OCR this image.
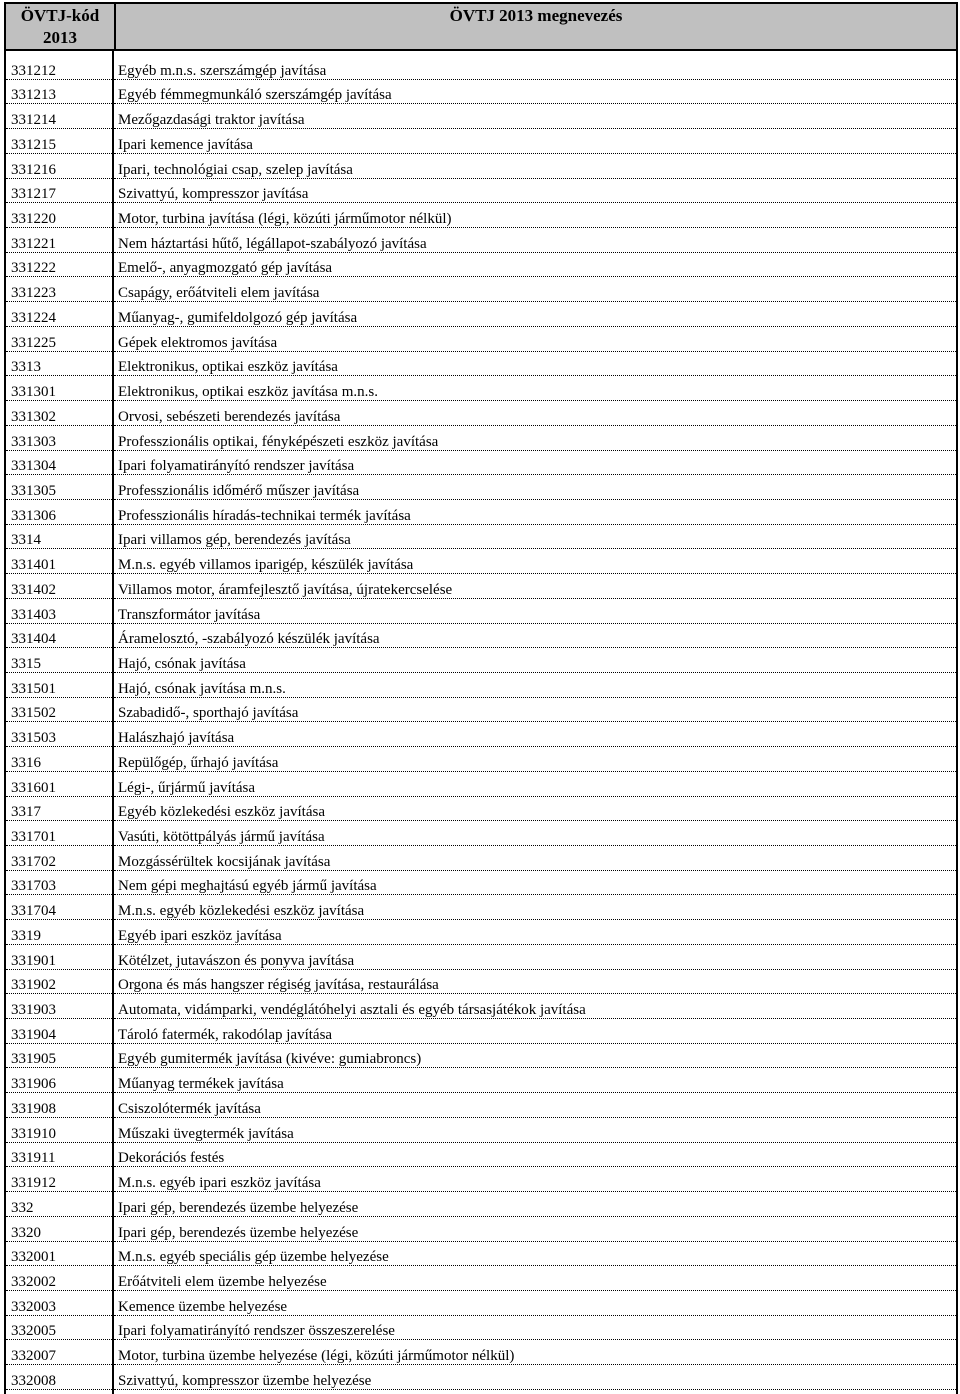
ÖVTJ-kód
2013
ÖVTJ 2013 megnevezés
331212	Egyéb m.n.s. szerszámgép javítása
331213	Egyéb fémmegmunkáló szerszámgép javítása
331214	Mezőgazdasági traktor javítása
331215	Ipari kemence javítása
331216	Ipari, technológiai csap, szelep javítása
331217	Szivattyú, kompresszor javítása
331220	Motor, turbina javítása (légi, közúti járműmotor nélkül)
331221	Nem háztartási hűtő, légállapot-szabályozó javítása
331222	Emelő-, anyagmozgató gép javítása
331223	Csapágy, erőátviteli elem javítása
331224	Műanyag-, gumifeldolgozó gép javítása
331225	Gépek elektromos javítása
3313	Elektronikus, optikai eszköz javítása
331301	Elektronikus, optikai eszköz javítása m.n.s.
331302	Orvosi, sebészeti berendezés javítása
331303	Professzionális optikai, fényképészeti eszköz javítása
331304	Ipari folyamatirányító rendszer javítása
331305	Professzionális időmérő műszer javítása
331306	Professzionális híradás-technikai termék javítása
3314	Ipari villamos gép, berendezés javítása
331401	M.n.s. egyéb villamos iparigép, készülék javítása
331402	Villamos motor, áramfejlesztő javítása, újratekercselése
331403	Transzformátor javítása
331404	Áramelosztó, -szabályozó készülék javítása
3315	Hajó, csónak javítása
331501	Hajó, csónak javítása m.n.s.
331502	Szabadidő-, sporthajó javítása
331503	Halászhajó javítása
3316	Repülőgép, űrhajó javítása
331601	Légi-, űrjármű javítása
3317	Egyéb közlekedési eszköz javítása
331701	Vasúti, kötöttpályás jármű javítása
331702	Mozgássérültek kocsijának javítása
331703	Nem gépi meghajtású egyéb jármű javítása
331704	M.n.s. egyéb közlekedési eszköz javítása
3319	Egyéb ipari eszköz javítása
331901	Kötélzet, jutavászon és ponyva javítása
331902	Orgona és más hangszer régiség javítása, restaurálása
331903	Automata, vidámparki, vendéglátóhelyi asztali és egyéb társasjátékok javítása
331904	Tároló fatermék, rakodólap javítása
331905	Egyéb gumitermék javítása (kivéve: gumiabroncs)
331906	Műanyag termékek javítása
331908	Csiszolótermék javítása
331910	Műszaki üvegtermék javítása
331911	Dekorációs festés
331912	M.n.s. egyéb ipari eszköz javítása
332	Ipari gép, berendezés üzembe helyezése
3320	Ipari gép, berendezés üzembe helyezése
332001	M.n.s. egyéb speciális gép üzembe helyezése
332002	Erőátviteli elem üzembe helyezése
332003	Kemence üzembe helyezése
332005	Ipari folyamatirányító rendszer összeszerelése
332007	Motor, turbina üzembe helyezése (légi, közúti járműmotor nélkül)
332008	Szivattyú, kompresszor üzembe helyezése
